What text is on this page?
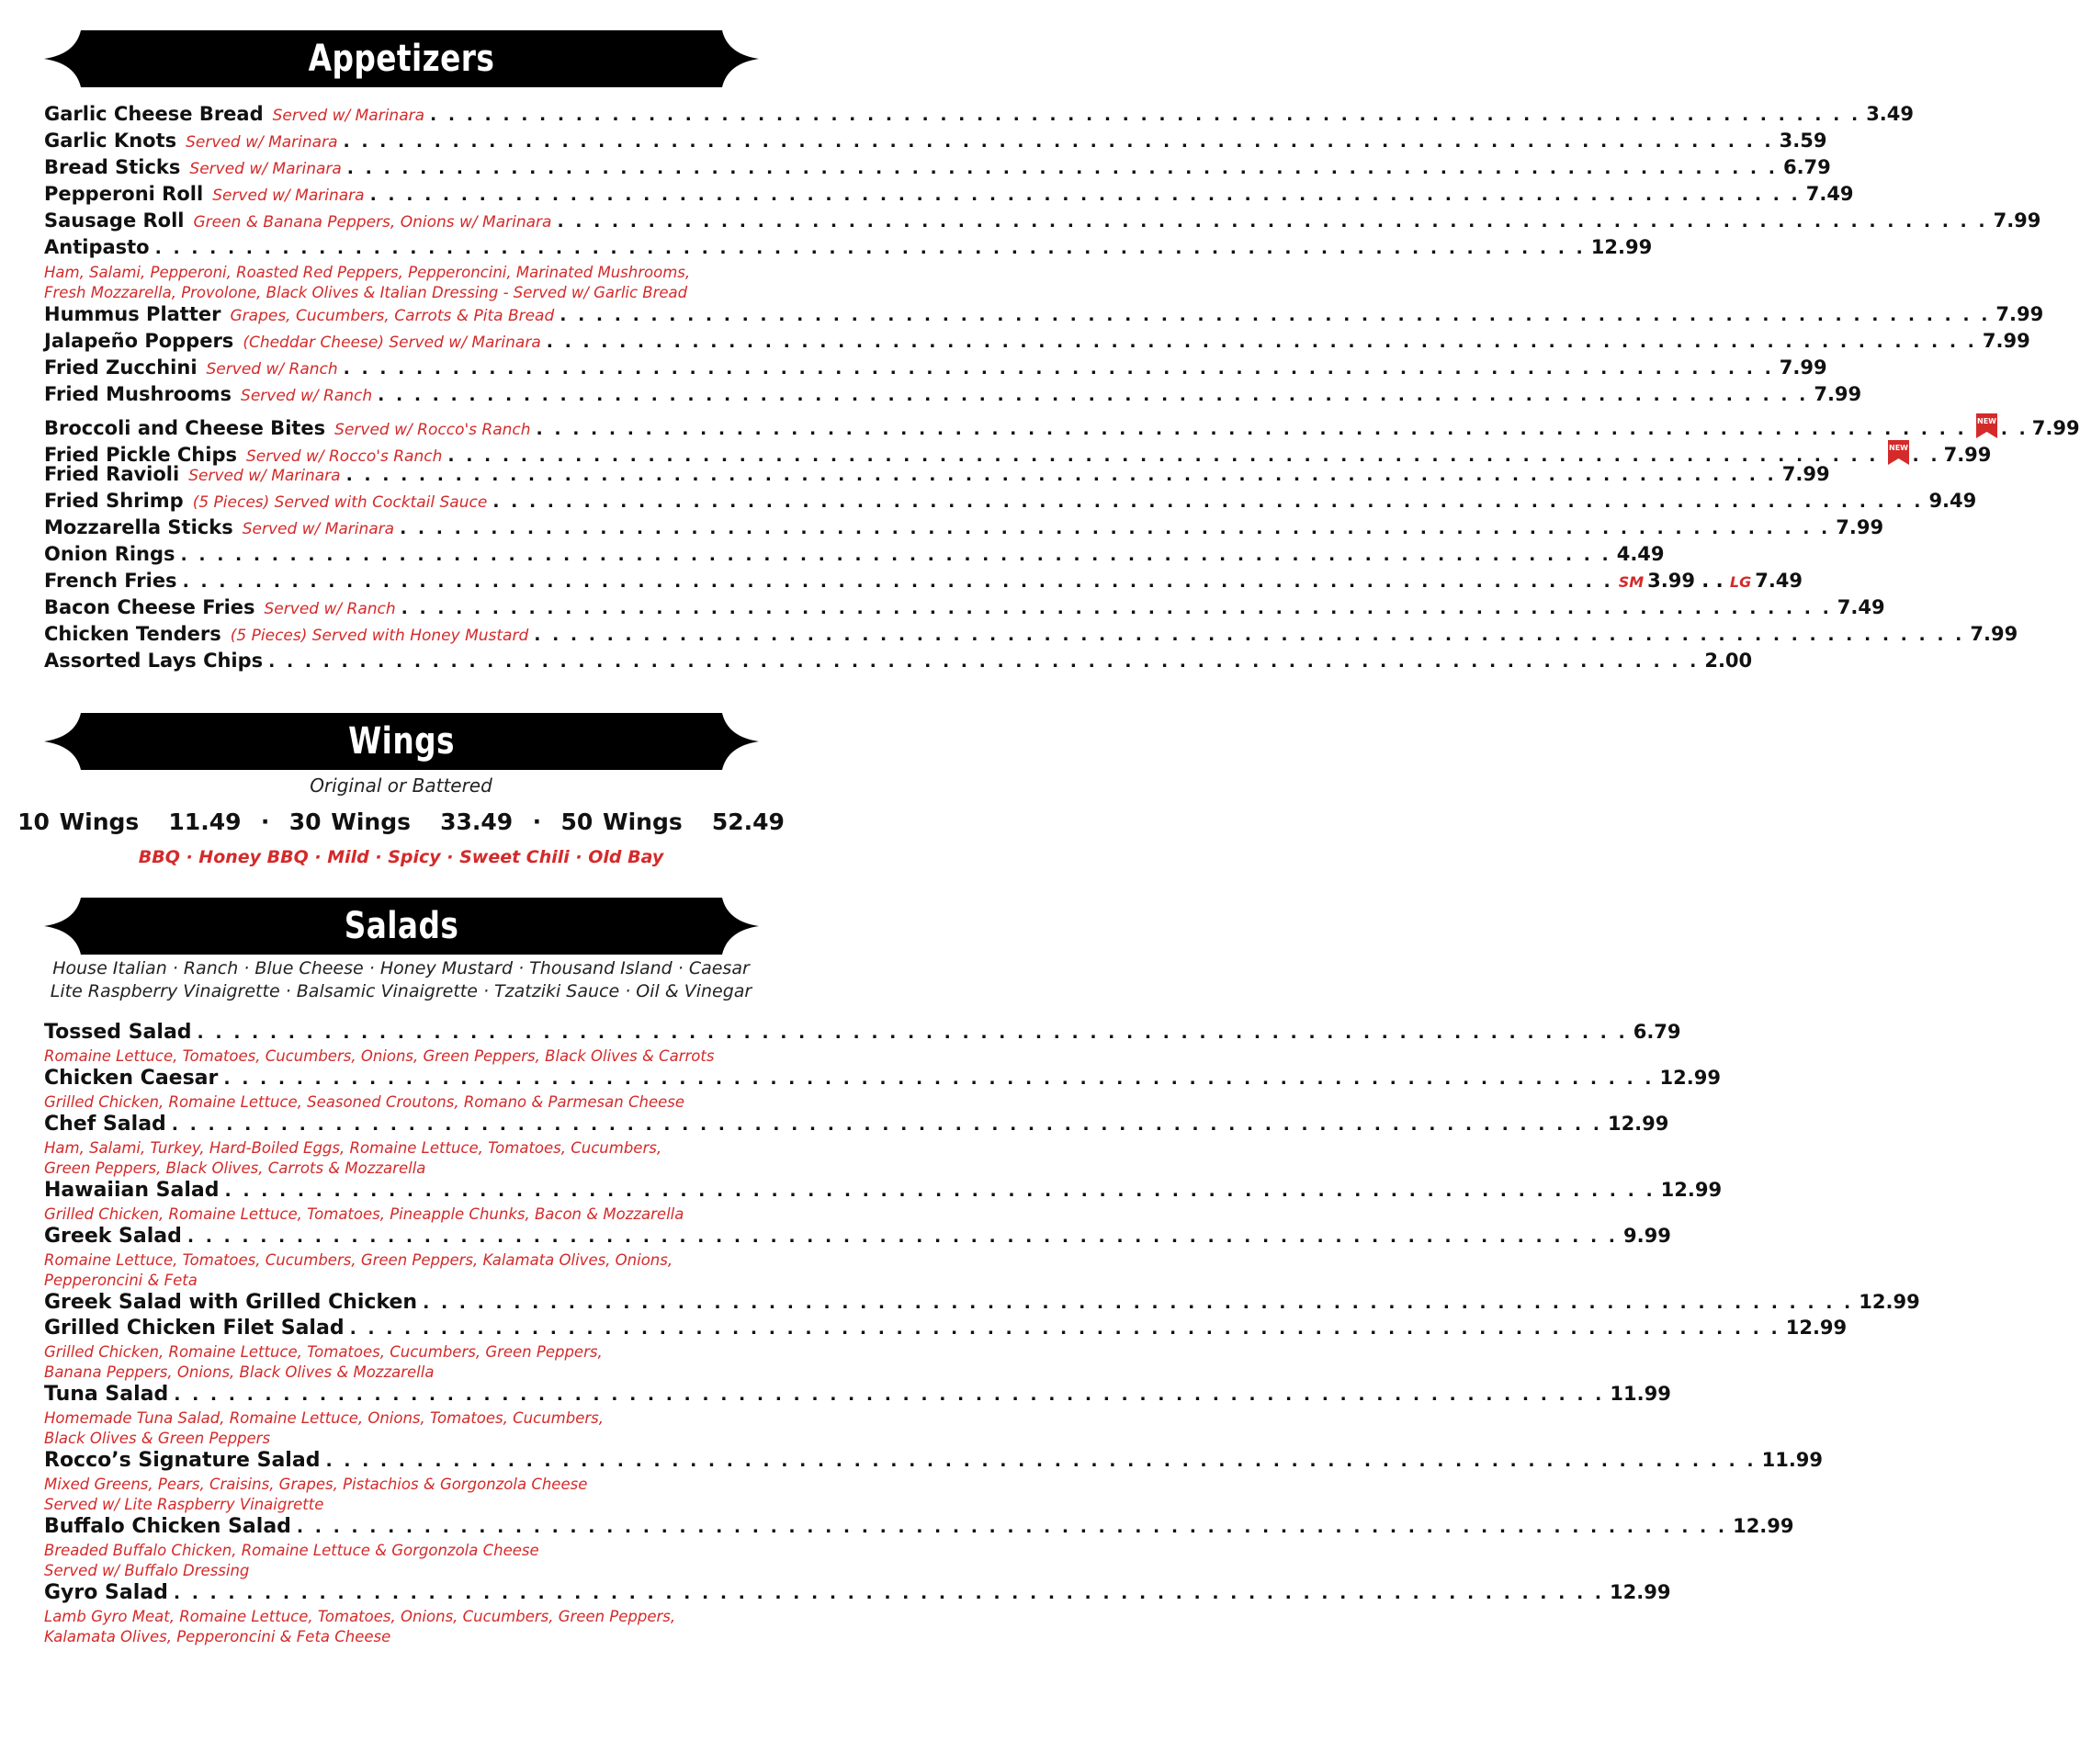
Appetizers
Garlic Cheese Bread Served w/ Marinara . . . . . . . . . . . . . . . . . . . . . . . . . . . . . . . . . . . . . . . . . . . . . . . . . . . . . . . . . . . . . . . . . . . . . . . . . . . . . . . 3.49
Garlic Knots Served w/ Marinara . . . . . . . . . . . . . . . . . . . . . . . . . . . . . . . . . . . . . . . . . . . . . . . . . . . . . . . . . . . . . . . . . . . . . . . . . . . . . . . 3.59
Bread Sticks Served w/ Marinara . . . . . . . . . . . . . . . . . . . . . . . . . . . . . . . . . . . . . . . . . . . . . . . . . . . . . . . . . . . . . . . . . . . . . . . . . . . . . . . 6.79
Pepperoni Roll Served w/ Marinara . . . . . . . . . . . . . . . . . . . . . . . . . . . . . . . . . . . . . . . . . . . . . . . . . . . . . . . . . . . . . . . . . . . . . . . . . . . . . . . 7.49
Sausage Roll Green & Banana Peppers, Onions w/ Marinara . . . . . . . . . . . . . . . . . . . . . . . . . . . . . . . . . . . . . . . . . . . . . . . . . . . . . . . . . . . . . . . . . . . . . . . . . . . . . . . 7.99
Antipasto . . . . . . . . . . . . . . . . . . . . . . . . . . . . . . . . . . . . . . . . . . . . . . . . . . . . . . . . . . . . . . . . . . . . . . . . . . . . . . . 12.99
Ham, Salami, Pepperoni, Roasted Red Peppers, Pepperoncini, Marinated Mushrooms,
Fresh Mozzarella, Provolone, Black Olives & Italian Dressing - Served w/ Garlic Bread
Hummus Platter Grapes, Cucumbers, Carrots & Pita Bread . . . . . . . . . . . . . . . . . . . . . . . . . . . . . . . . . . . . . . . . . . . . . . . . . . . . . . . . . . . . . . . . . . . . . . . . . . . . . . . 7.99
Jalapeño Poppers (Cheddar Cheese) Served w/ Marinara . . . . . . . . . . . . . . . . . . . . . . . . . . . . . . . . . . . . . . . . . . . . . . . . . . . . . . . . . . . . . . . . . . . . . . . . . . . . . . . 7.99
Fried Zucchini Served w/ Ranch . . . . . . . . . . . . . . . . . . . . . . . . . . . . . . . . . . . . . . . . . . . . . . . . . . . . . . . . . . . . . . . . . . . . . . . . . . . . . . . 7.99
Fried Mushrooms Served w/ Ranch . . . . . . . . . . . . . . . . . . . . . . . . . . . . . . . . . . . . . . . . . . . . . . . . . . . . . . . . . . . . . . . . . . . . . . . . . . . . . . . 7.99
Broccoli and Cheese Bites Served w/ Rocco's Ranch . . . . . . . . . . . . . . . . . . . . . . . . . . . . . . . . . . . . . . . . . . . . . . . . . . . . . . . . . . . . . . . . . . . . . . . . . . . . . . . NEW . . 7.99
Fried Pickle Chips Served w/ Rocco's Ranch . . . . . . . . . . . . . . . . . . . . . . . . . . . . . . . . . . . . . . . . . . . . . . . . . . . . . . . . . . . . . . . . . . . . . . . . . . . . . . . NEW . . 7.99
Fried Ravioli Served w/ Marinara . . . . . . . . . . . . . . . . . . . . . . . . . . . . . . . . . . . . . . . . . . . . . . . . . . . . . . . . . . . . . . . . . . . . . . . . . . . . . . . 7.99
Fried Shrimp (5 Pieces) Served with Cocktail Sauce . . . . . . . . . . . . . . . . . . . . . . . . . . . . . . . . . . . . . . . . . . . . . . . . . . . . . . . . . . . . . . . . . . . . . . . . . . . . . . . 9.49
Mozzarella Sticks Served w/ Marinara . . . . . . . . . . . . . . . . . . . . . . . . . . . . . . . . . . . . . . . . . . . . . . . . . . . . . . . . . . . . . . . . . . . . . . . . . . . . . . . 7.99
Onion Rings . . . . . . . . . . . . . . . . . . . . . . . . . . . . . . . . . . . . . . . . . . . . . . . . . . . . . . . . . . . . . . . . . . . . . . . . . . . . . . . 4.49
French Fries . . . . . . . . . . . . . . . . . . . . . . . . . . . . . . . . . . . . . . . . . . . . . . . . . . . . . . . . . . . . . . . . . . . . . . . . . . . . . . . SM 3.99 . . LG 7.49
Bacon Cheese Fries Served w/ Ranch . . . . . . . . . . . . . . . . . . . . . . . . . . . . . . . . . . . . . . . . . . . . . . . . . . . . . . . . . . . . . . . . . . . . . . . . . . . . . . . 7.49
Chicken Tenders (5 Pieces) Served with Honey Mustard . . . . . . . . . . . . . . . . . . . . . . . . . . . . . . . . . . . . . . . . . . . . . . . . . . . . . . . . . . . . . . . . . . . . . . . . . . . . . . . 7.99
Assorted Lays Chips . . . . . . . . . . . . . . . . . . . . . . . . . . . . . . . . . . . . . . . . . . . . . . . . . . . . . . . . . . . . . . . . . . . . . . . . . . . . . . . 2.00
Wings
Original or Battered
10 Wings   11.49  ·  30 Wings   33.49  ·  50 Wings   52.49
BBQ · Honey BBQ · Mild · Spicy · Sweet Chili · Old Bay
Salads
House Italian · Ranch · Blue Cheese · Honey Mustard · Thousand Island · Caesar
Lite Raspberry Vinaigrette · Balsamic Vinaigrette · Tzatziki Sauce · Oil & Vinegar
Tossed Salad . . . . . . . . . . . . . . . . . . . . . . . . . . . . . . . . . . . . . . . . . . . . . . . . . . . . . . . . . . . . . . . . . . . . . . . . . . . . . . . 6.79
Romaine Lettuce, Tomatoes, Cucumbers, Onions, Green Peppers, Black Olives & Carrots
Chicken Caesar . . . . . . . . . . . . . . . . . . . . . . . . . . . . . . . . . . . . . . . . . . . . . . . . . . . . . . . . . . . . . . . . . . . . . . . . . . . . . . . 12.99
Grilled Chicken, Romaine Lettuce, Seasoned Croutons, Romano & Parmesan Cheese
Chef Salad . . . . . . . . . . . . . . . . . . . . . . . . . . . . . . . . . . . . . . . . . . . . . . . . . . . . . . . . . . . . . . . . . . . . . . . . . . . . . . . 12.99
Ham, Salami, Turkey, Hard-Boiled Eggs, Romaine Lettuce, Tomatoes, Cucumbers,
Green Peppers, Black Olives, Carrots & Mozzarella
Hawaiian Salad . . . . . . . . . . . . . . . . . . . . . . . . . . . . . . . . . . . . . . . . . . . . . . . . . . . . . . . . . . . . . . . . . . . . . . . . . . . . . . . 12.99
Grilled Chicken, Romaine Lettuce, Tomatoes, Pineapple Chunks, Bacon & Mozzarella
Greek Salad . . . . . . . . . . . . . . . . . . . . . . . . . . . . . . . . . . . . . . . . . . . . . . . . . . . . . . . . . . . . . . . . . . . . . . . . . . . . . . . 9.99
Romaine Lettuce, Tomatoes, Cucumbers, Green Peppers, Kalamata Olives, Onions,
Pepperoncini & Feta
Greek Salad with Grilled Chicken . . . . . . . . . . . . . . . . . . . . . . . . . . . . . . . . . . . . . . . . . . . . . . . . . . . . . . . . . . . . . . . . . . . . . . . . . . . . . . . 12.99
Grilled Chicken Filet Salad . . . . . . . . . . . . . . . . . . . . . . . . . . . . . . . . . . . . . . . . . . . . . . . . . . . . . . . . . . . . . . . . . . . . . . . . . . . . . . . 12.99
Grilled Chicken, Romaine Lettuce, Tomatoes, Cucumbers, Green Peppers,
Banana Peppers, Onions, Black Olives & Mozzarella
Tuna Salad . . . . . . . . . . . . . . . . . . . . . . . . . . . . . . . . . . . . . . . . . . . . . . . . . . . . . . . . . . . . . . . . . . . . . . . . . . . . . . . 11.99
Homemade Tuna Salad, Romaine Lettuce, Onions, Tomatoes, Cucumbers,
Black Olives & Green Peppers
Rocco’s Signature Salad . . . . . . . . . . . . . . . . . . . . . . . . . . . . . . . . . . . . . . . . . . . . . . . . . . . . . . . . . . . . . . . . . . . . . . . . . . . . . . . 11.99
Mixed Greens, Pears, Craisins, Grapes, Pistachios & Gorgonzola Cheese
Served w/ Lite Raspberry Vinaigrette
Buffalo Chicken Salad . . . . . . . . . . . . . . . . . . . . . . . . . . . . . . . . . . . . . . . . . . . . . . . . . . . . . . . . . . . . . . . . . . . . . . . . . . . . . . . 12.99
Breaded Buffalo Chicken, Romaine Lettuce & Gorgonzola Cheese
Served w/ Buffalo Dressing
Gyro Salad . . . . . . . . . . . . . . . . . . . . . . . . . . . . . . . . . . . . . . . . . . . . . . . . . . . . . . . . . . . . . . . . . . . . . . . . . . . . . . . 12.99
Lamb Gyro Meat, Romaine Lettuce, Tomatoes, Onions, Cucumbers, Green Peppers,
Kalamata Olives, Pepperoncini & Feta Cheese
